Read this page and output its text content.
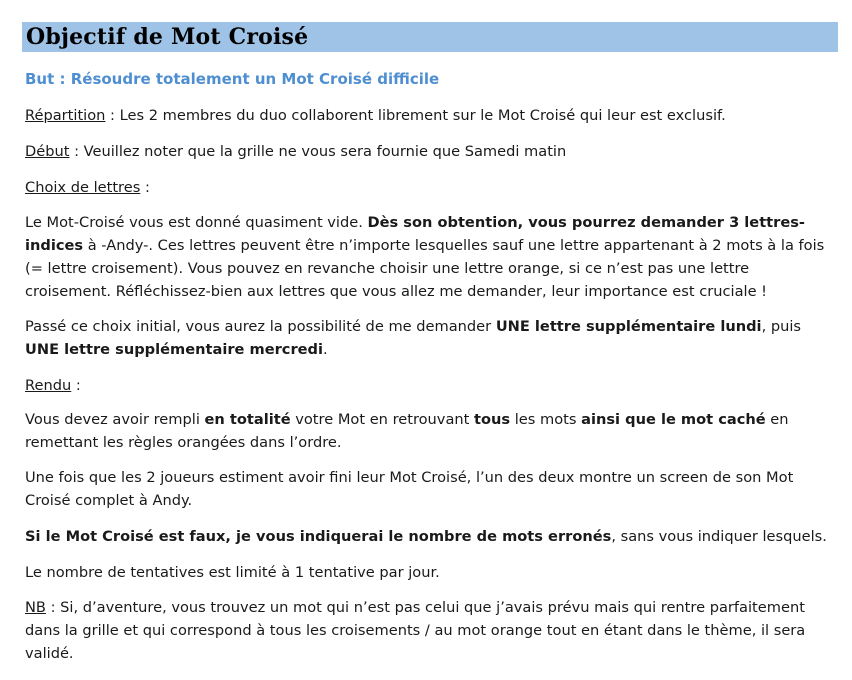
Objectif de Mot Croisé
But : Résoudre totalement un Mot Croisé difficile
Répartition : Les 2 membres du duo collaborent librement sur le Mot Croisé qui leur est exclusif.
Début : Veuillez noter que la grille ne vous sera fournie que Samedi matin
Choix de lettres :
Le Mot-Croisé vous est donné quasiment vide. Dès son obtention, vous pourrez demander 3 lettres-indices à -Andy-. Ces lettres peuvent être n’importe lesquelles sauf une lettre appartenant à 2 mots à la fois (= lettre croisement). Vous pouvez en revanche choisir une lettre orange, si ce n’est pas une lettre croisement. Réfléchissez-bien aux lettres que vous allez me demander, leur importance est cruciale !
Passé ce choix initial, vous aurez la possibilité de me demander UNE lettre supplémentaire lundi, puis UNE lettre supplémentaire mercredi.
Rendu :
Vous devez avoir rempli en totalité votre Mot en retrouvant tous les mots ainsi que le mot caché en remettant les règles orangées dans l’ordre.
Une fois que les 2 joueurs estiment avoir fini leur Mot Croisé, l’un des deux montre un screen de son Mot Croisé complet à Andy.
Si le Mot Croisé est faux, je vous indiquerai le nombre de mots erronés, sans vous indiquer lesquels.
Le nombre de tentatives est limité à 1 tentative par jour.
NB : Si, d’aventure, vous trouvez un mot qui n’est pas celui que j’avais prévu mais qui rentre parfaitement dans la grille et qui correspond à tous les croisements / au mot orange tout en étant dans le thème, il sera validé.
